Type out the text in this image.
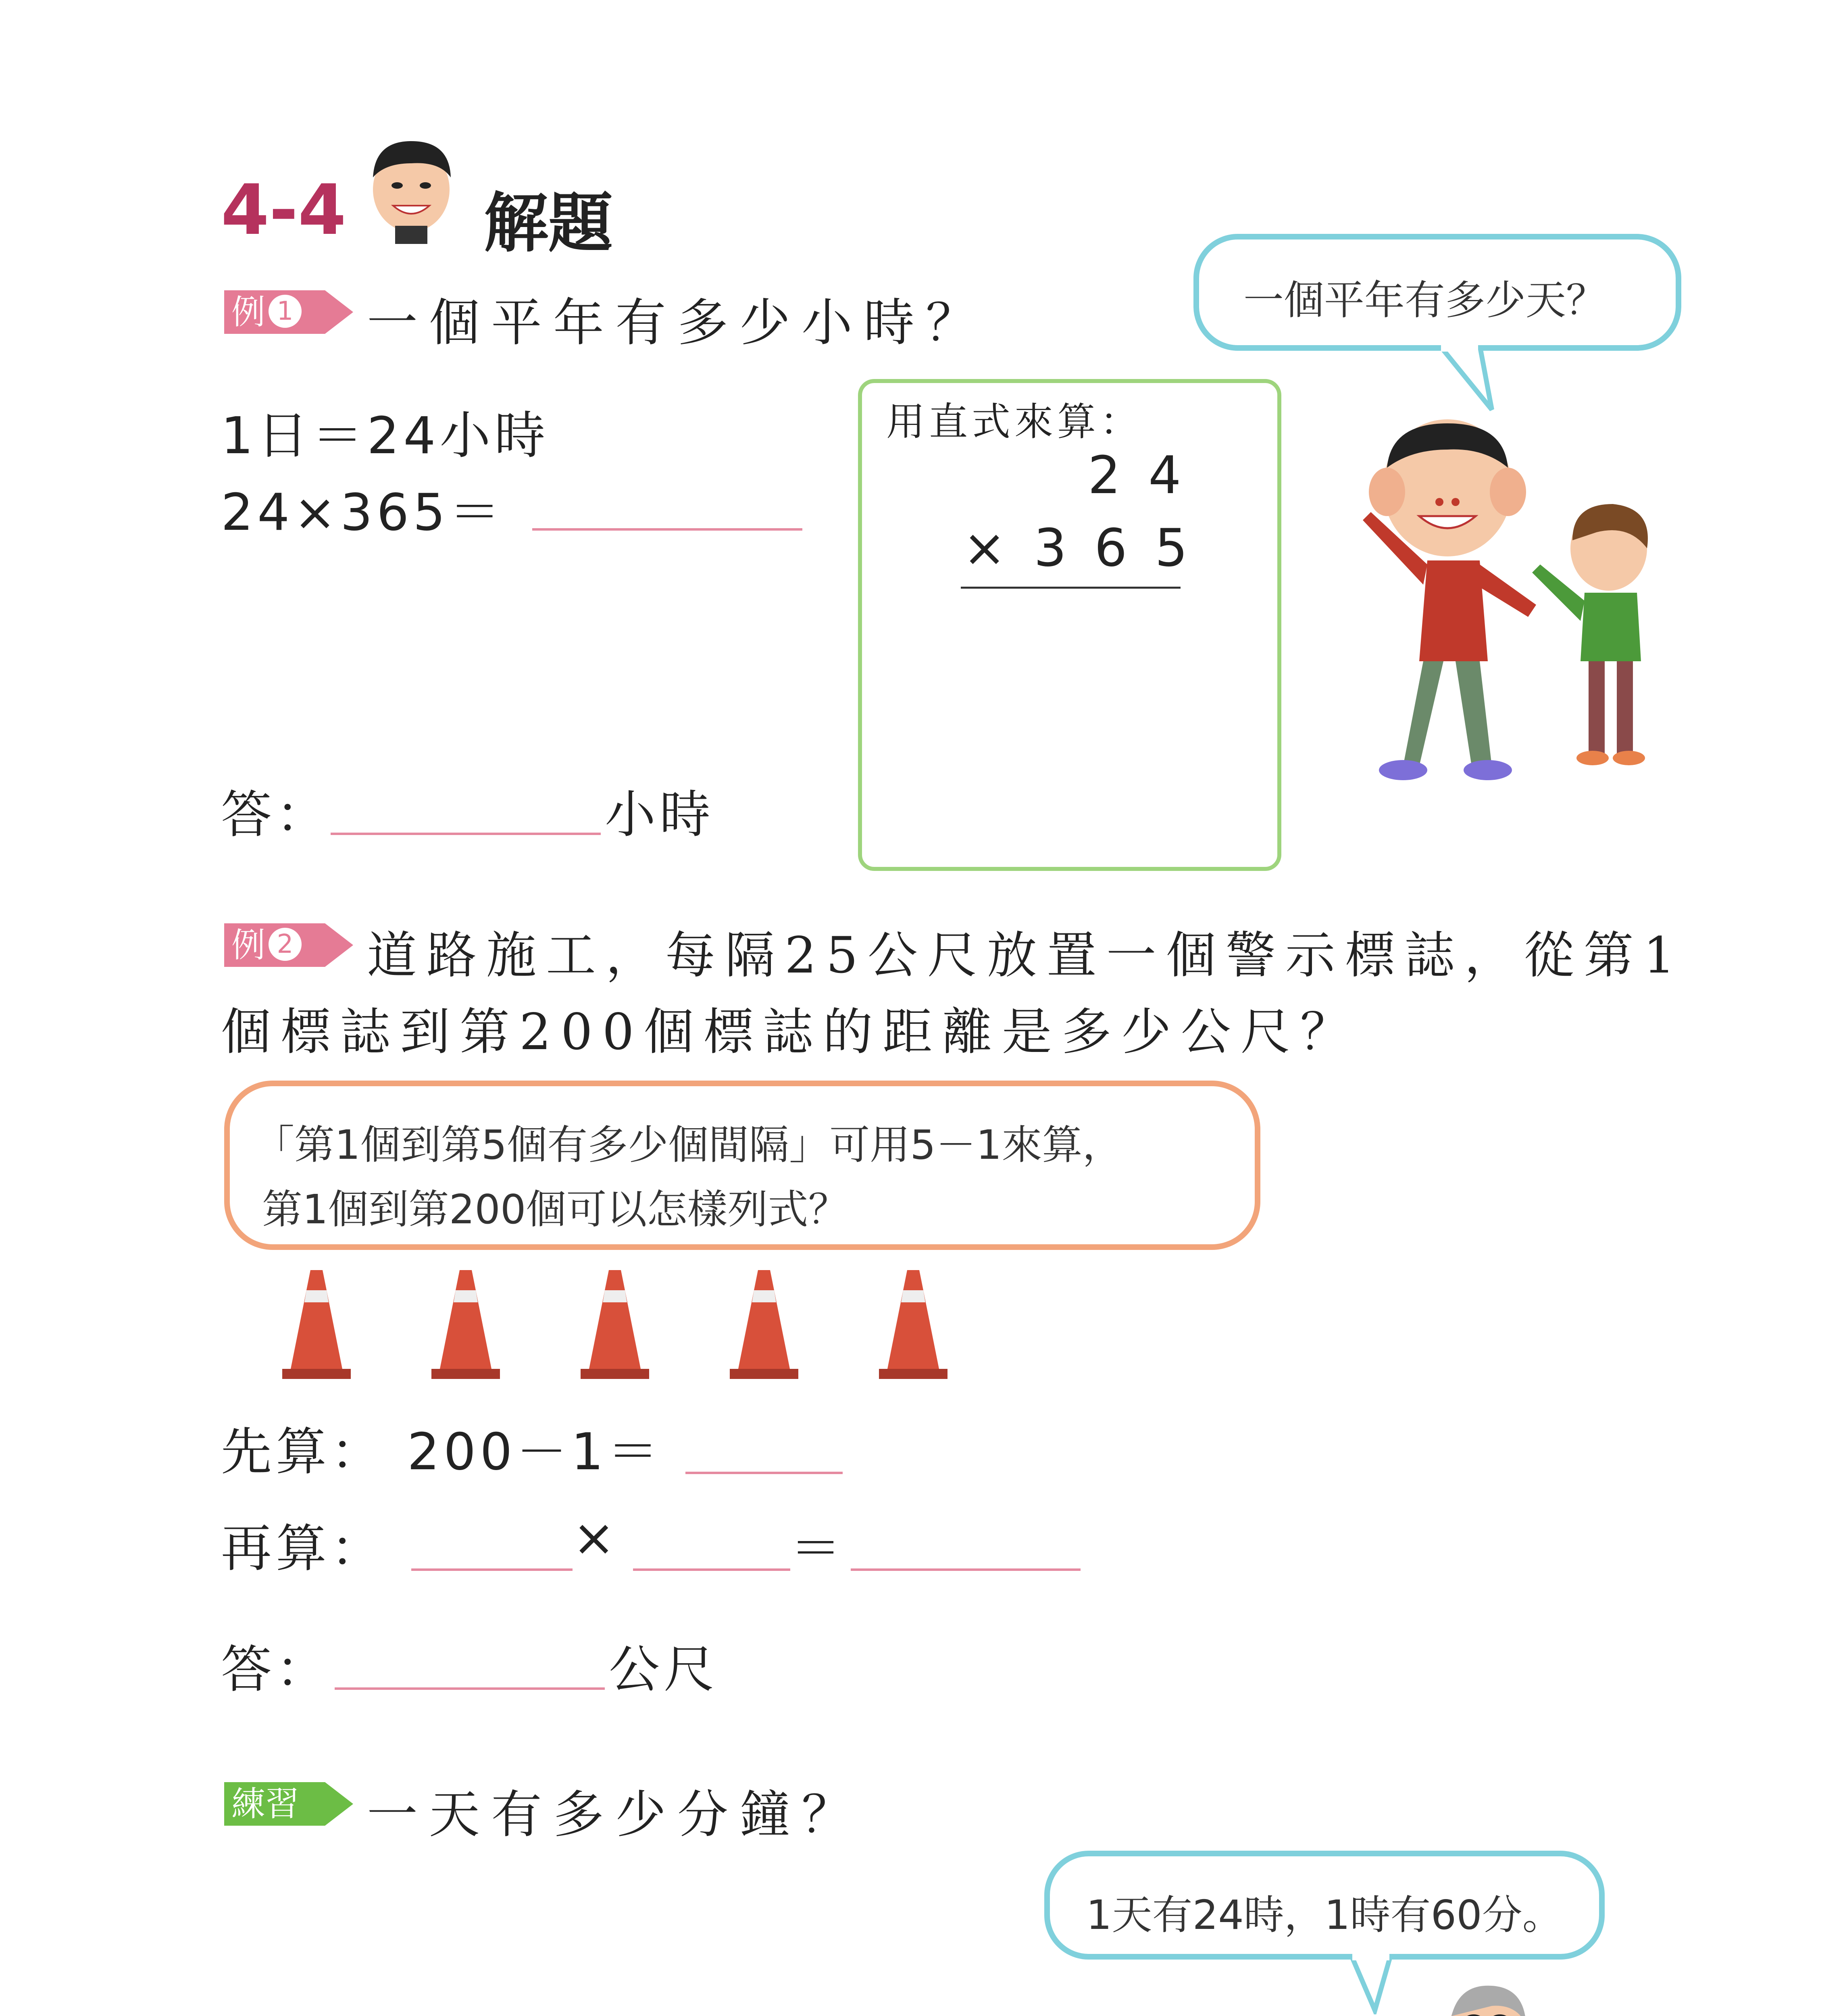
4-4 解題
例 1	一個平年有多少小時？	一個平年有多少天？
1日＝24小時
24×365＝
用直式來算：
2 4
× 3 6 5
答：	小時
例 2	道路施工，每隔25公尺放置一個警示標誌，從第1
個標誌到第200個標誌的距離是多少公尺？
「第1個到第5個有多少個間隔」可用5－1來算，
第1個到第200個可以怎樣列式？
先算： 200－1＝
再算：	×	＝
答：	公尺
練習	一天有多少分鐘？
1天有24時，1時有60分。
